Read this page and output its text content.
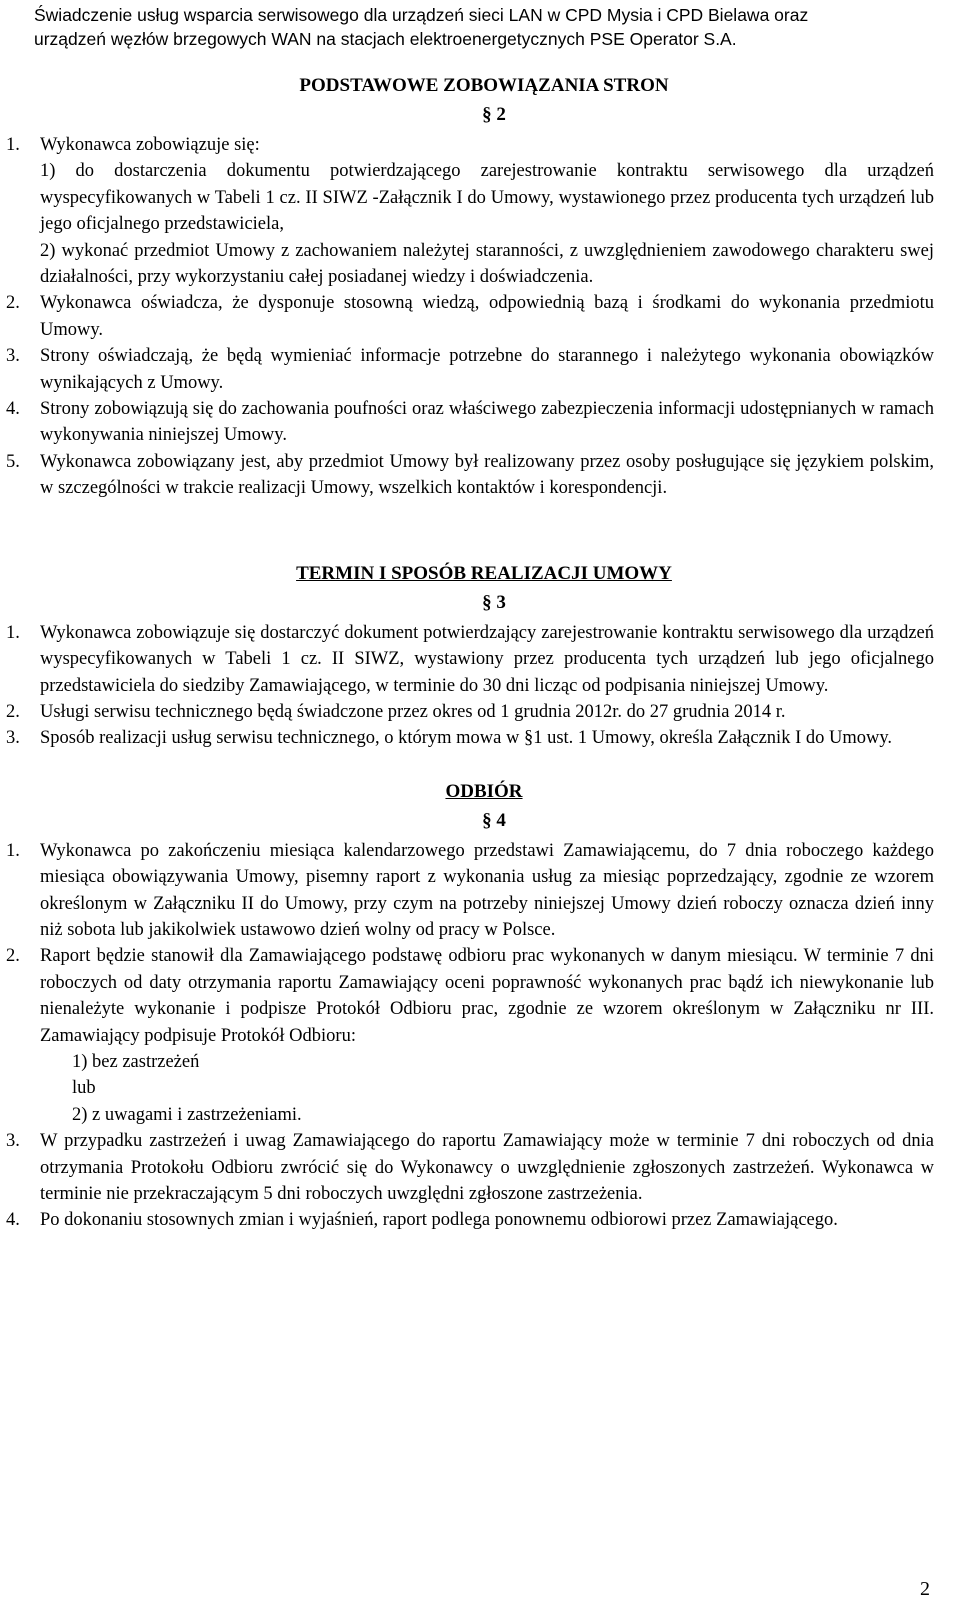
Świadczenie usług wsparcia serwisowego dla urządzeń sieci LAN w CPD Mysia i CPD Bielawa oraz
urządzeń węzłów brzegowych WAN na stacjach elektroenergetycznych PSE Operator S.A.
PODSTAWOWE ZOBOWIĄZANIA STRON
§ 2
1. Wykonawca zobowiązuje się:
1) do dostarczenia dokumentu potwierdzającego zarejestrowanie kontraktu serwisowego dla urządzeń wyspecyfikowanych w Tabeli 1 cz. II SIWZ -Załącznik I do Umowy, wystawionego przez producenta tych urządzeń lub jego oficjalnego przedstawiciela,
2) wykonać przedmiot Umowy z zachowaniem należytej staranności, z uwzględnieniem zawodowego charakteru swej działalności, przy wykorzystaniu całej posiadanej wiedzy i doświadczenia.
2. Wykonawca oświadcza, że dysponuje stosowną wiedzą, odpowiednią bazą i środkami do wykonania przedmiotu Umowy.
3. Strony oświadczają, że będą wymieniać informacje potrzebne do starannego i należytego wykonania obowiązków wynikających z Umowy.
4. Strony zobowiązują się do zachowania poufności oraz właściwego zabezpieczenia informacji udostępnianych w ramach wykonywania niniejszej Umowy.
5. Wykonawca zobowiązany jest, aby przedmiot Umowy był realizowany przez osoby posługujące się językiem polskim, w szczególności w trakcie realizacji Umowy, wszelkich kontaktów i korespondencji.
TERMIN I SPOSÓB REALIZACJI UMOWY
§ 3
1. Wykonawca zobowiązuje się dostarczyć dokument potwierdzający zarejestrowanie kontraktu serwisowego dla urządzeń wyspecyfikowanych w Tabeli 1 cz. II SIWZ, wystawiony przez producenta tych urządzeń lub jego oficjalnego przedstawiciela do siedziby Zamawiającego, w terminie do 30 dni licząc od podpisania niniejszej Umowy.
2. Usługi serwisu technicznego będą świadczone przez okres od 1 grudnia 2012r. do 27 grudnia 2014 r.
3. Sposób realizacji usług serwisu technicznego, o którym mowa w §1 ust. 1 Umowy, określa Załącznik I do Umowy.
ODBIÓR
§ 4
1. Wykonawca po zakończeniu miesiąca kalendarzowego przedstawi Zamawiającemu, do 7 dnia roboczego każdego miesiąca obowiązywania Umowy, pisemny raport z wykonania usług za miesiąc poprzedzający, zgodnie ze wzorem określonym w Załączniku II do Umowy, przy czym na potrzeby niniejszej Umowy dzień roboczy oznacza dzień inny niż sobota lub jakikolwiek ustawowo dzień wolny od pracy w Polsce.
2. Raport będzie stanowił dla Zamawiającego podstawę odbioru prac wykonanych w danym miesiącu. W terminie 7 dni roboczych od daty otrzymania raportu Zamawiający oceni poprawność wykonanych prac bądź ich niewykonanie lub nienależyte wykonanie i podpisze Protokół Odbioru prac, zgodnie ze wzorem określonym w Załączniku nr III. Zamawiający podpisuje Protokół Odbioru:
1) bez zastrzeżeń
lub
2) z uwagami i zastrzeżeniami.
3. W przypadku zastrzeżeń i uwag Zamawiającego do raportu Zamawiający może w terminie 7 dni roboczych od dnia otrzymania Protokołu Odbioru zwrócić się do Wykonawcy o uwzględnienie zgłoszonych zastrzeżeń. Wykonawca w terminie nie przekraczającym 5 dni roboczych uwzględni zgłoszone zastrzeżenia.
4. Po dokonaniu stosownych zmian i wyjaśnień, raport podlega ponownemu odbiorowi przez Zamawiającego.
2
